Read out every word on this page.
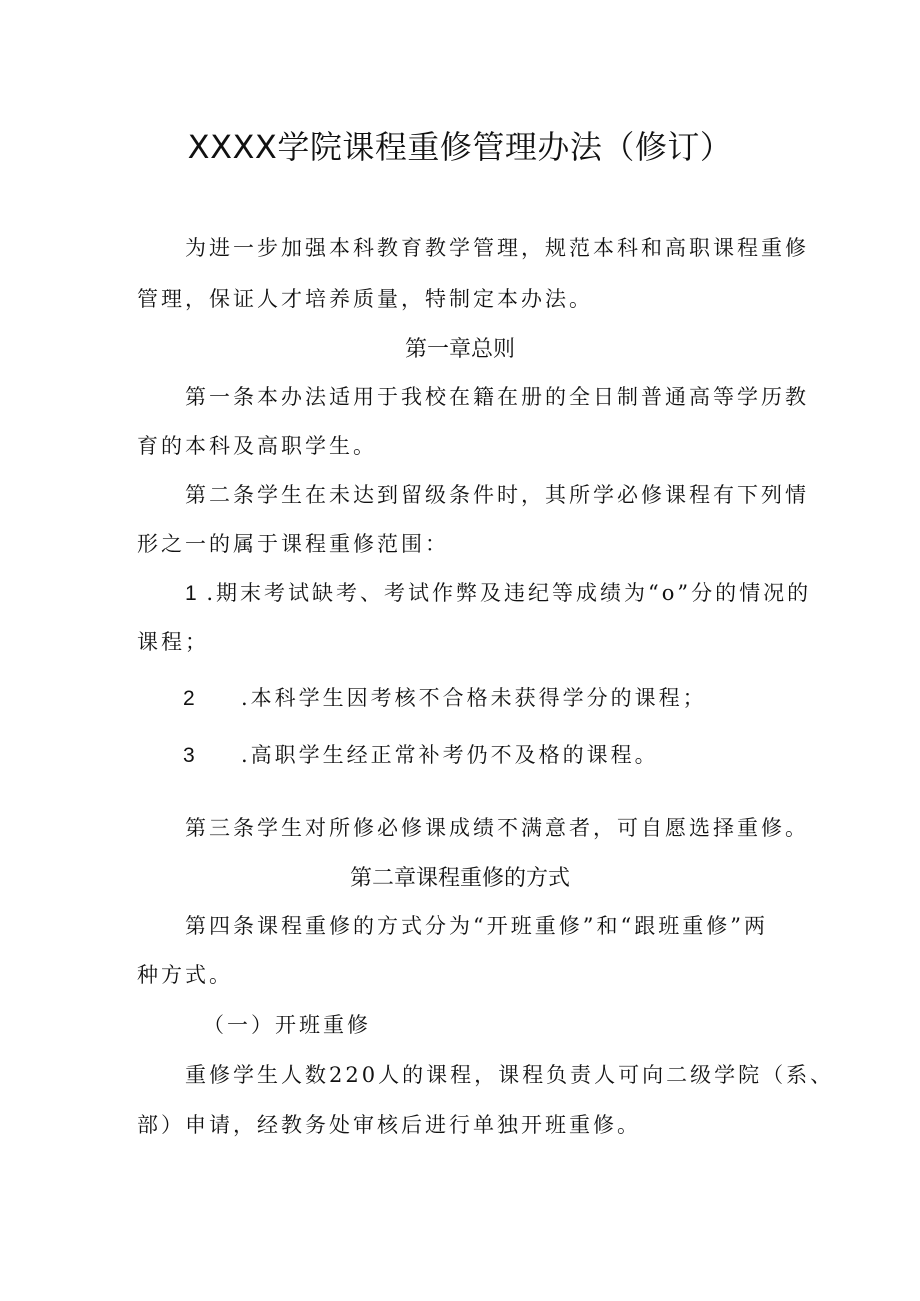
XXXX学院课程重修管理办法（修订）
为进一步加强本科教育教学管理，规范本科和高职课程重修
管理，保证人才培养质量，特制定本办法。
第一章总则
第一条本办法适用于我校在籍在册的全日制普通高等学历教
育的本科及高职学生。
第二条学生在未达到留级条件时，其所学必修课程有下列情
形之一的属于课程重修范围：
1 .期末考试缺考、考试作弊及违纪等成绩为“o”分的情况的
课程；
2 .本科学生因考核不合格未获得学分的课程；
3 .高职学生经正常补考仍不及格的课程。
第三条学生对所修必修课成绩不满意者，可自愿选择重修。
第二章课程重修的方式
第四条课程重修的方式分为“开班重修”和“跟班重修”两
种方式。
（一）开班重修
重修学生人数220人的课程，课程负责人可向二级学院（系、
部）申请，经教务处审核后进行单独开班重修。
